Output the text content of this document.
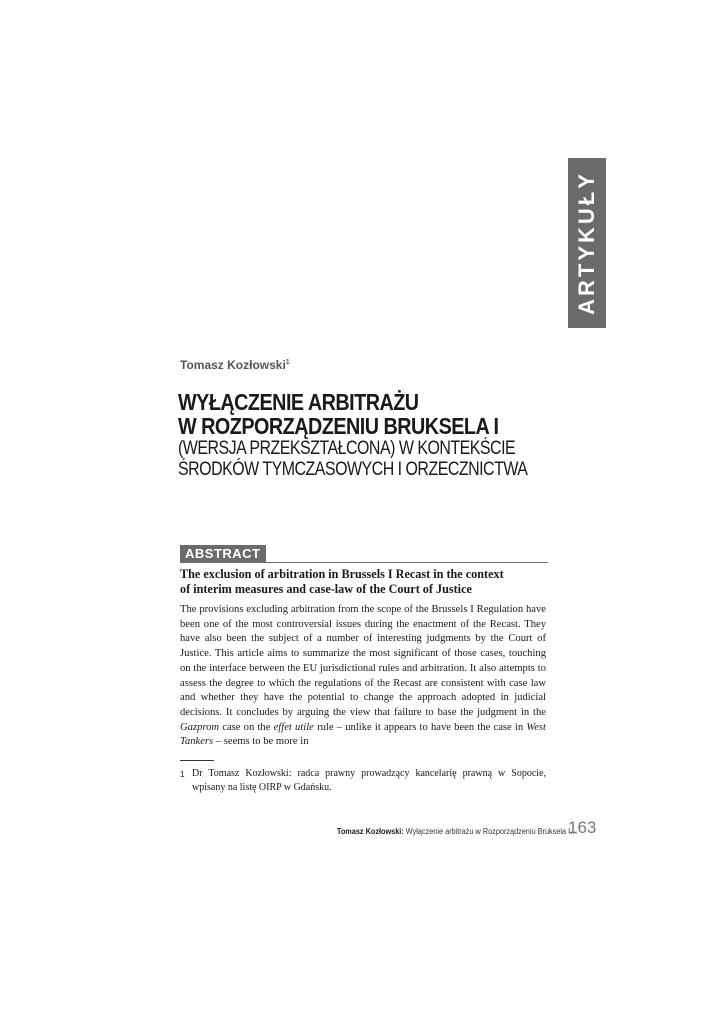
ARTYKUŁY
Tomasz Kozłowski$^1$
WYŁĄCZENIE ARBITRAŻU
W ROZPORZĄDZENIU BRUKSELA I
(WERSJA PRZEKSZTAŁCONA) W KONTEKŚCIE
ŚRODKÓW TYMCZASOWYCH I ORZECZNICTWA
ABSTRACT
The exclusion of arbitration in Brussels I Recast in the context
of interim measures and case-law of the Court of Justice

The provisions excluding arbitration from the scope of the Brussels I Regulation have been one of the most controversial issues during the enactment of the Recast. They have also been the subject of a number of interesting judgments by the Court of Justice. This article aims to summarize the most significant of those cases, touching on the interface between the EU jurisdictional rules and arbitration. It also attempts to assess the degree to which the regulations of the Recast are consistent with case law and whether they have the potential to change the approach adopted in judicial decisions. It concludes by arguing the view that failure to base the judgment in the Gazprom case on the effet utile rule – unlike it appears to have been the case in West Tankers – seems to be more in

1 Dr Tomasz Kozłowski: radca prawny prowadzący kancelarię prawną w Sopocie, wpisany na listę OIRP w Gdańsku.
Tomasz Kozłowski: Wyłączenie arbitrażu w Rozporządzeniu Bruksela I…
163
